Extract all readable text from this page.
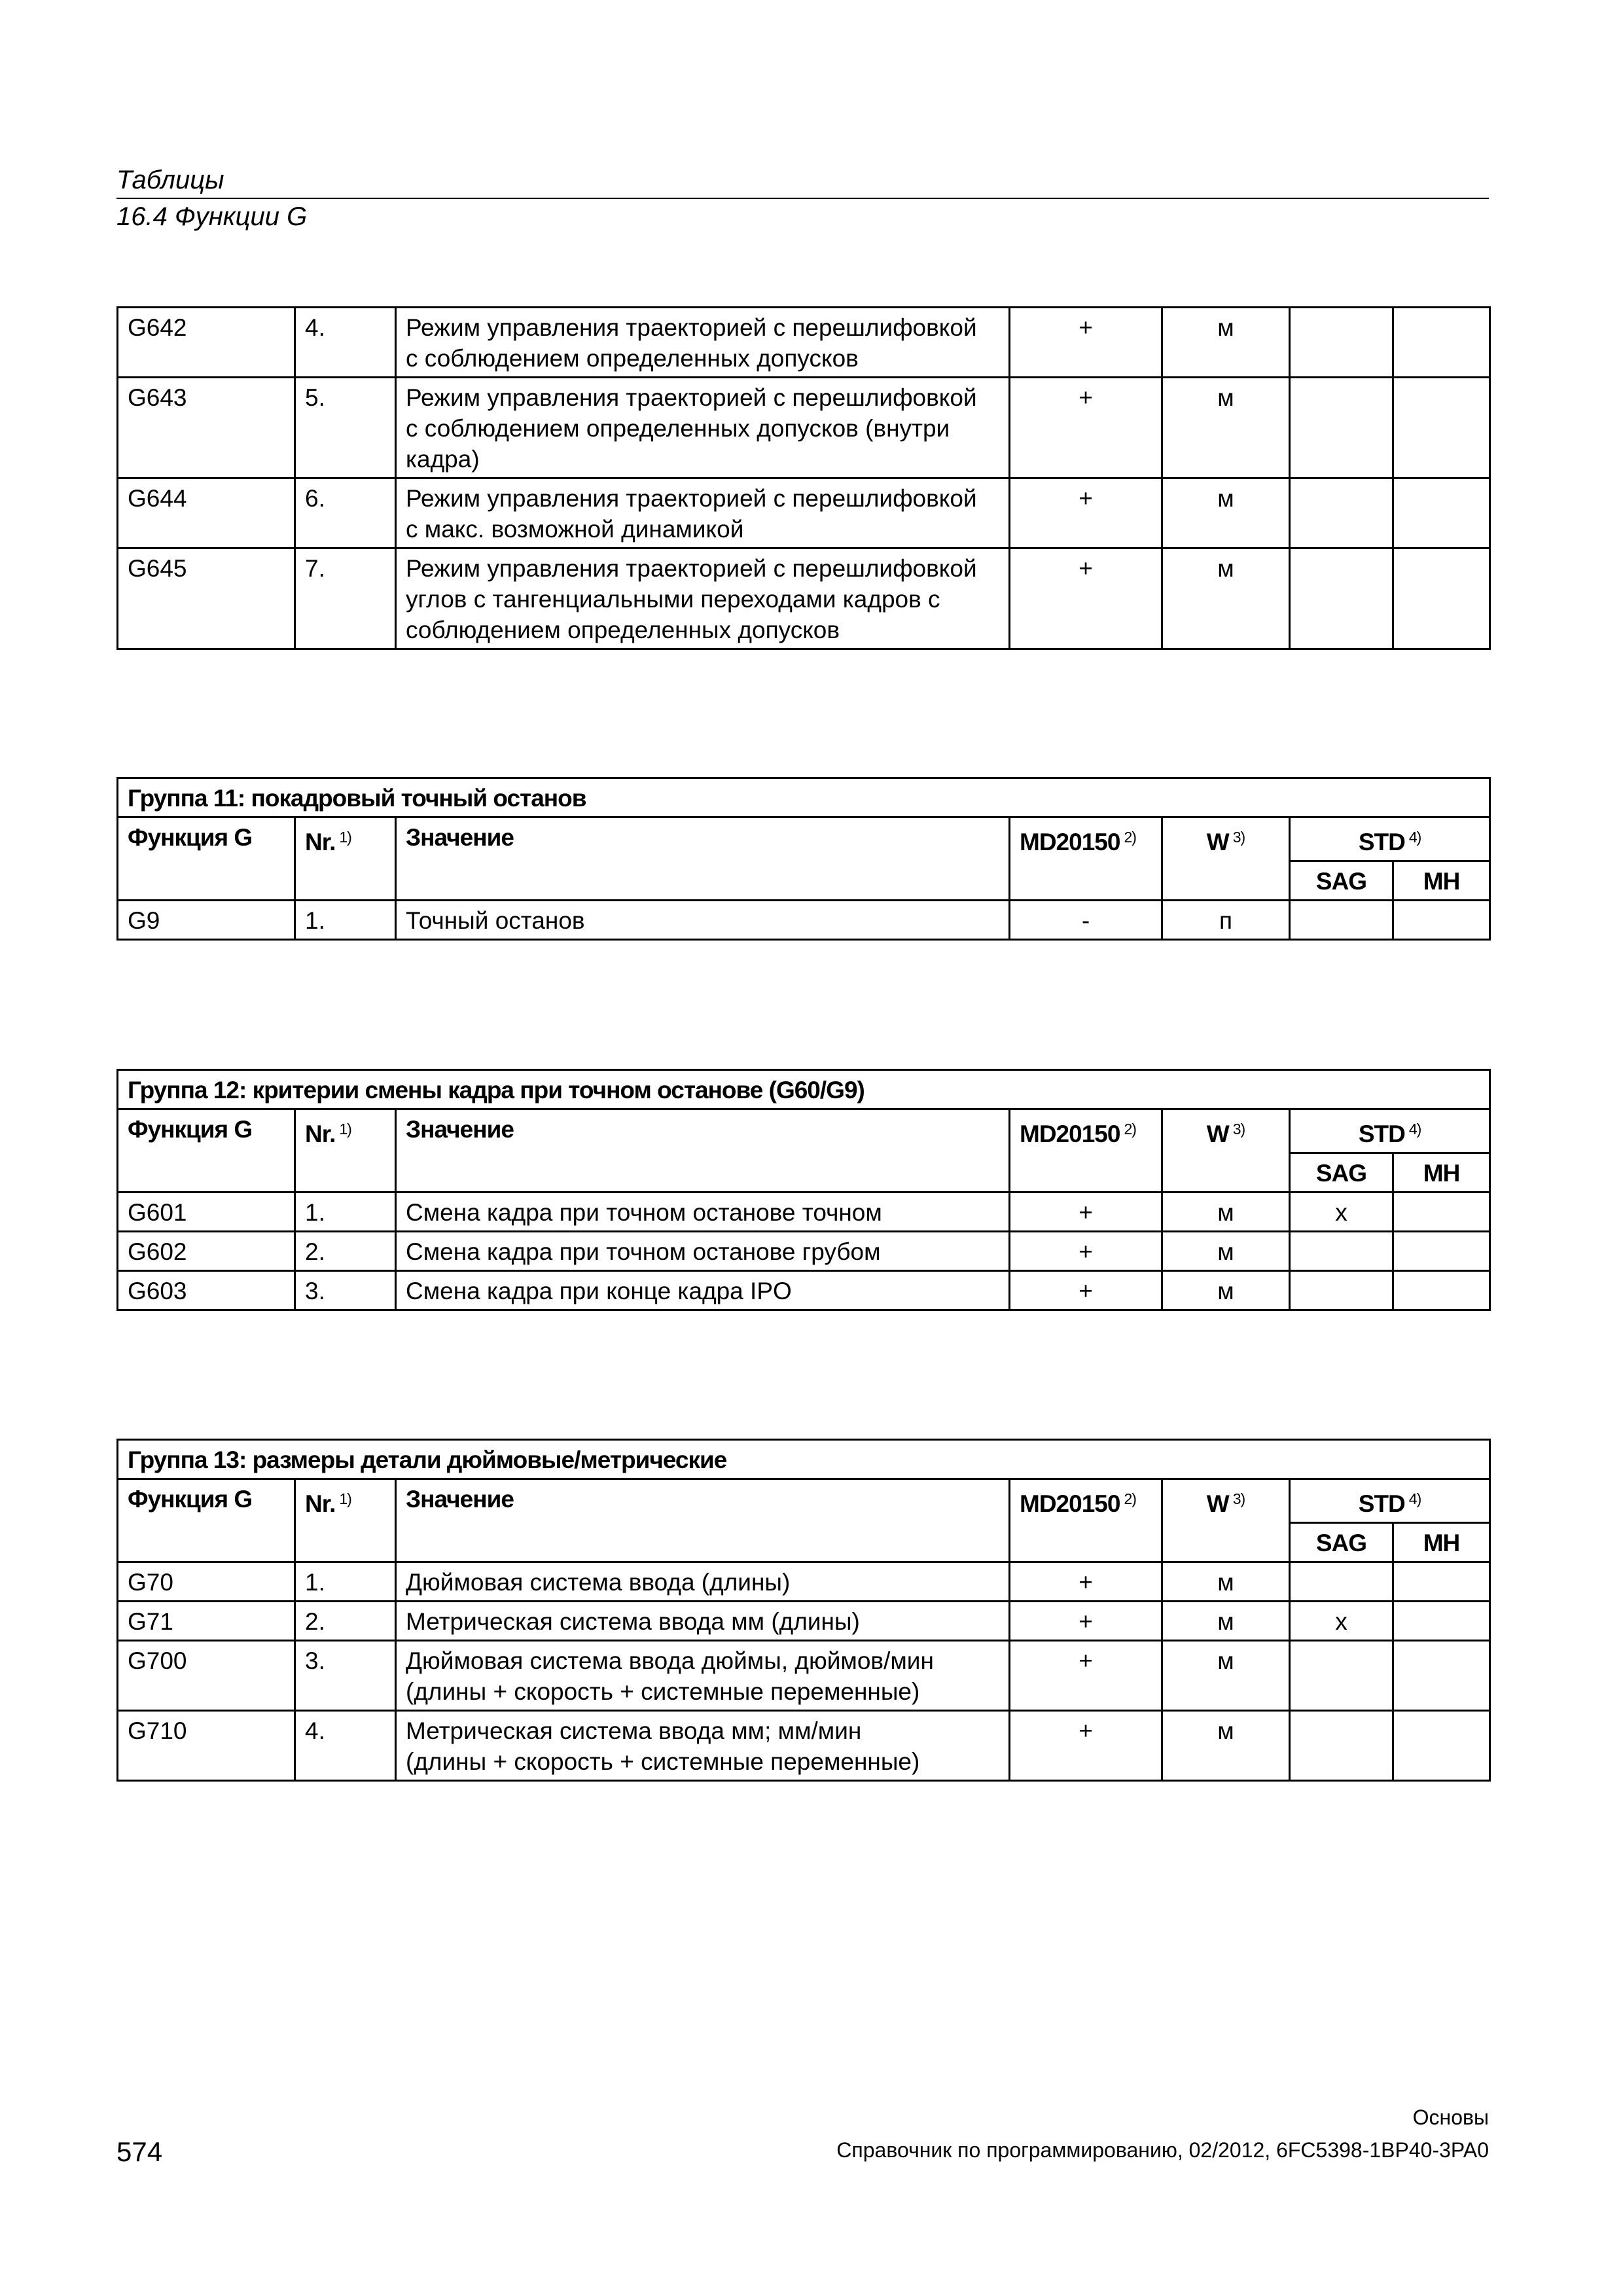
Таблицы
16.4 Функции G
G642	4.	Режим управления траекторией с перешлифовкой
с соблюдением определенных допусков	+	м		
G643	5.	Режим управления траекторией с перешлифовкой
с соблюдением определенных допусков (внутри
кадра)	+	м		
G644	6.	Режим управления траекторией с перешлифовкой
с макс. возможной динамикой	+	м		
G645	7.	Режим управления траекторией с перешлифовкой
углов с тангенциальными переходами кадров с
соблюдением определенных допусков	+	м		
Группа 11: покадровый точный останов						
Функция G	Nr. $^{1)}$	Значение	MD20150 $^{2)}$	W $^{3)}$	STD $^{4)}$
					SAG	MH
G9	1.	Точный останов	-	п		
Группа 12: критерии смены кадра при точном останове (G60/G9)						
Функция G	Nr. $^{1)}$	Значение	MD20150 $^{2)}$	W $^{3)}$	STD $^{4)}$
					SAG	MH
G601	1.	Смена кадра при точном останове точном	+	м	x	
G602	2.	Смена кадра при точном останове грубом	+	м		
G603	3.	Смена кадра при конце кадра IPO	+	м		
Группа 13: размеры детали дюймовые/метрические						
Функция G	Nr. $^{1)}$	Значение	MD20150 $^{2)}$	W $^{3)}$	STD $^{4)}$
					SAG	MH
G70	1.	Дюймовая система ввода (длины)	+	м		
G71	2.	Метрическая система ввода мм (длины)	+	м	x	
G700	3.	Дюймовая система ввода дюймы, дюймов/мин
(длины + скорость + системные переменные)	+	м		
G710	4.	Метрическая система ввода мм; мм/мин
(длины + скорость + системные переменные)	+	м		
Основы
Справочник по программированию, 02/2012, 6FC5398-1BP40-3PA0
574
